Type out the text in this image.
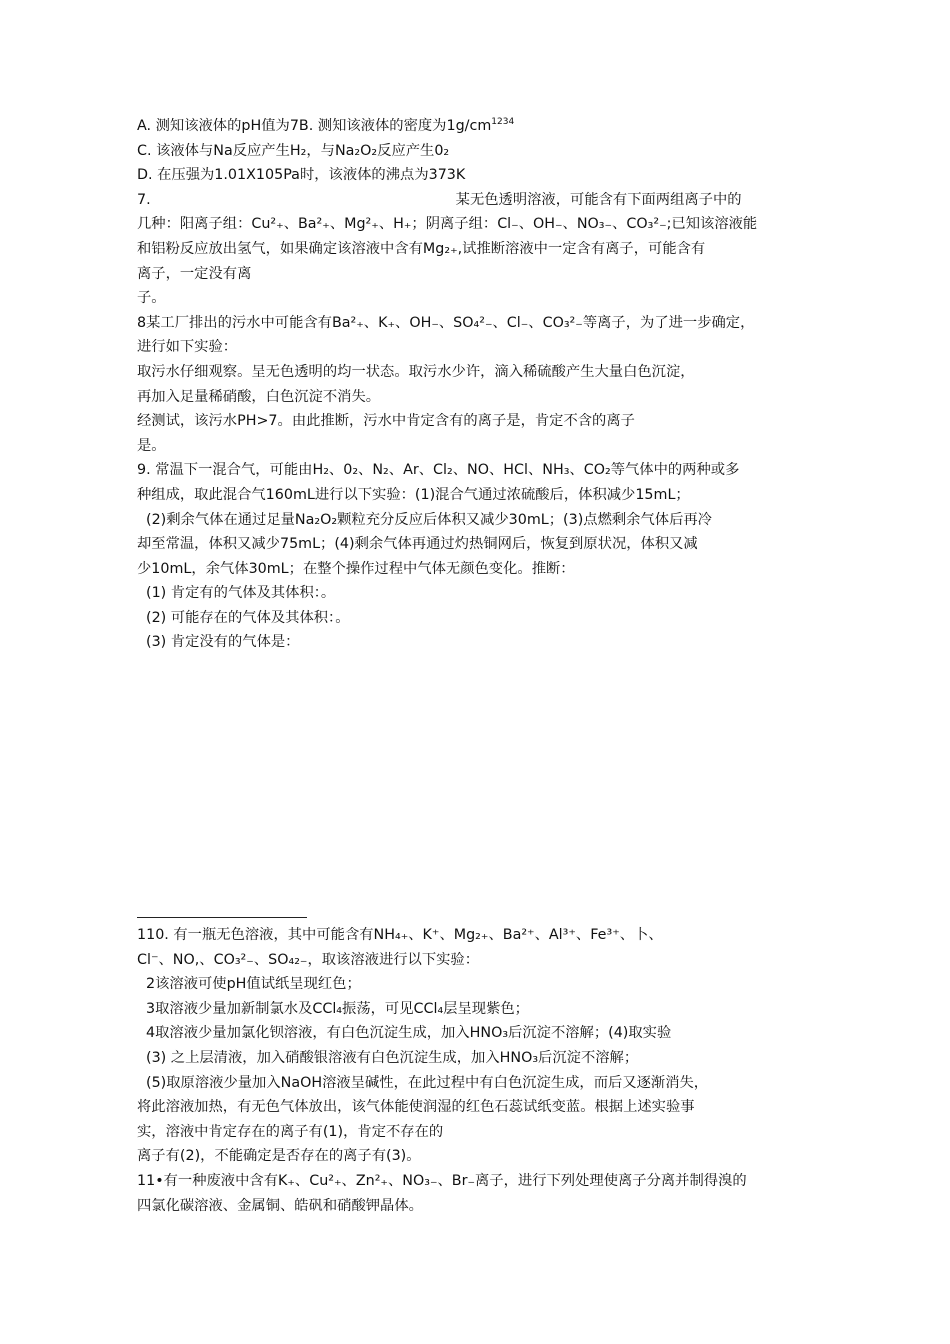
A. 测知该液体的pH值为7B. 测知该液体的密度为$1g/cm^{1234}$
C. 该液体与Na反应产生H₂，与Na₂O₂反应产生0₂
D. 在压强为1.01X105Pa时，该液体的沸点为373K
7.	某无色透明溶液，可能含有下面两组离子中的
几种：阳离子组：Cu²₊、Ba²₊、Mg²₊、H₊；阴离子组：Cl₋、OH₋、NO₃₋、CO₃²₋;已知该溶液能
和铝粉反应放出氢气，如果确定该溶液中含有Mg₂₊,试推断溶液中一定含有离子，可能含有
离子，一定没有离
子。
8某工厂排出的污水中可能含有Ba²₊、K₊、OH₋、SO₄²₋、Cl₋、CO₃²₋等离子，为了进一步确定，
进行如下实验：
取污水仔细观察。呈无色透明的均一状态。取污水少许，滴入稀硫酸产生大量白色沉淀，
再加入足量稀硝酸，白色沉淀不消失。
经测试，该污水PH>7。由此推断，污水中肯定含有的离子是，肯定不含的离子
是。
9. 常温下一混合气，可能由H₂、0₂、N₂、Ar、Cl₂、NO、HCl、NH₃、CO₂等气体中的两种或多
种组成，取此混合气160mL进行以下实验：(1)混合气通过浓硫酸后，体积减少15mL；
(2)剩余气体在通过足量Na₂O₂颗粒充分反应后体积又减少30mL；(3)点燃剩余气体后再冷
却至常温，体积又减少75mL；(4)剩余气体再通过灼热铜网后，恢复到原状况，体积又减
少10mL，余气体30mL；在整个操作过程中气体无颜色变化。推断：
(1) 肯定有的气体及其体积：。
(2) 可能存在的气体及其体积：。
(3) 肯定没有的气体是：
110. 有一瓶无色溶液，其中可能含有NH₄₊、K⁺、Mg₂₊、Ba²⁺、Al³⁺、Fe³⁺、卜、
Cl⁻、NO,、CO₃²₋、SO₄₂₋，取该溶液进行以下实验：
2该溶液可使pH值试纸呈现红色；
3取溶液少量加新制氯水及CCl₄振荡，可见CCl₄层呈现紫色；
4取溶液少量加氯化钡溶液，有白色沉淀生成，加入HNO₃后沉淀不溶解；(4)取实验
(3) 之上层清液，加入硝酸银溶液有白色沉淀生成，加入HNO₃后沉淀不溶解；
(5)取原溶液少量加入NaOH溶液呈碱性，在此过程中有白色沉淀生成，而后又逐渐消失，
将此溶液加热，有无色气体放出，该气体能使润湿的红色石蕊试纸变蓝。根据上述实验事
实，溶液中肯定存在的离子有(1)，肯定不存在的
离子有(2)，不能确定是否存在的离子有(3)。
11•有一种废液中含有K₊、Cu²₊、Zn²₊、NO₃₋、Br₋离子，进行下列处理使离子分离并制得溴的
四氯化碳溶液、金属铜、皓矾和硝酸钾晶体。
